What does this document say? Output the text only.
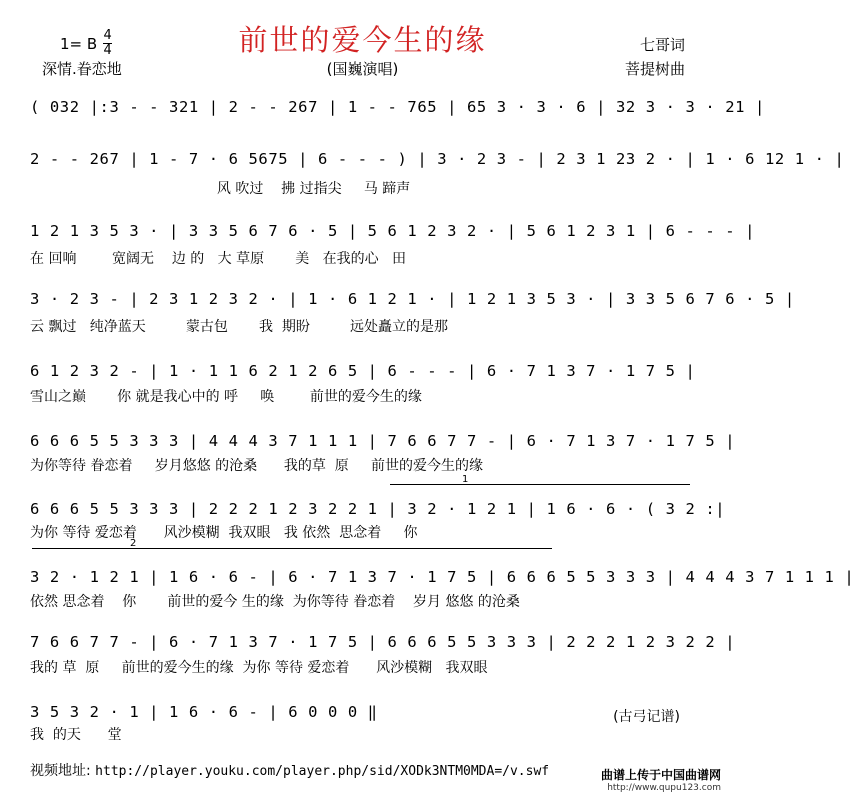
前世的爱今生的缘
1= B 4
4
深情.眷恋地	(国巍演唱)
七哥词
菩提树曲
( 032 |:3 - - 321 | 2 - - 267 | 1 - - 765 | 65 3 · 3 · 6 | 32 3 · 3 · 21 |
2 - - 267 | 1 - 7 · 6 5675 | 6 - - - ) | 3 · 2 3 - | 2 3 1 23 2 · | 1 · 6 12 1 · |
风 吹过    拂 过指尖     马 蹄声
1 2 1 3 5 3 · | 3 3 5 6 7 6 · 5 | 5 6 1 2 3 2 · | 5 6 1 2 3 1 | 6 - - - |
在 回响        宽阔无    边 的   大 草原       美   在我的心   田
3 · 2 3 - | 2 3 1 2 3 2 · | 1 · 6 1 2 1 · | 1 2 1 3 5 3 · | 3 3 5 6 7 6 · 5 |
云 飘过   纯净蓝天         蒙古包       我  期盼         远处矗立的是那
6 1 2 3 2 - | 1 · 1 1 6 2 1 2 6 5 | 6 - - - | 6 · 7 1 3 7 · 1 7 5 |
雪山之巅       你 就是我心中的 呼     唤        前世的爱今生的缘
6 6 6 5 5 3 3 3 | 4 4 4 3 7 1 1 1 | 7 6 6 7 7 - | 6 · 7 1 3 7 · 1 7 5 |
为你等待 眷恋着     岁月悠悠 的沧桑      我的草  原     前世的爱今生的缘
1
6 6 6 5 5 3 3 3 | 2 2 2 1 2 3 2 2 1 | 3 2 · 1 2 1 | 1 6 · 6 · ( 3 2 :|
为你 等待 爱恋着      风沙模糊  我双眼   我 依然  思念着     你
2
3 2 · 1 2 1 | 1 6 · 6 - | 6 · 7 1 3 7 · 1 7 5 | 6 6 6 5 5 3 3 3 | 4 4 4 3 7 1 1 1 |
依然 思念着    你       前世的爱今 生的缘  为你等待 眷恋着    岁月 悠悠 的沧桑
7 6 6 7 7 - | 6 · 7 1 3 7 · 1 7 5 | 6 6 6 5 5 3 3 3 | 2 2 2 1 2 3 2 2 |
我的 草  原     前世的爱今生的缘  为你 等待 爱恋着      风沙模糊   我双眼
3 5 3 2 · 1 | 1 6 · 6 - | 6 0 0 0 ‖
我  的天      堂
(古弓记谱)
视频地址: http://player.youku.com/player.php/sid/XODk3NTM0MDA=/v.swf	曲谱上传于中国曲谱网
http://www.qupu123.com
